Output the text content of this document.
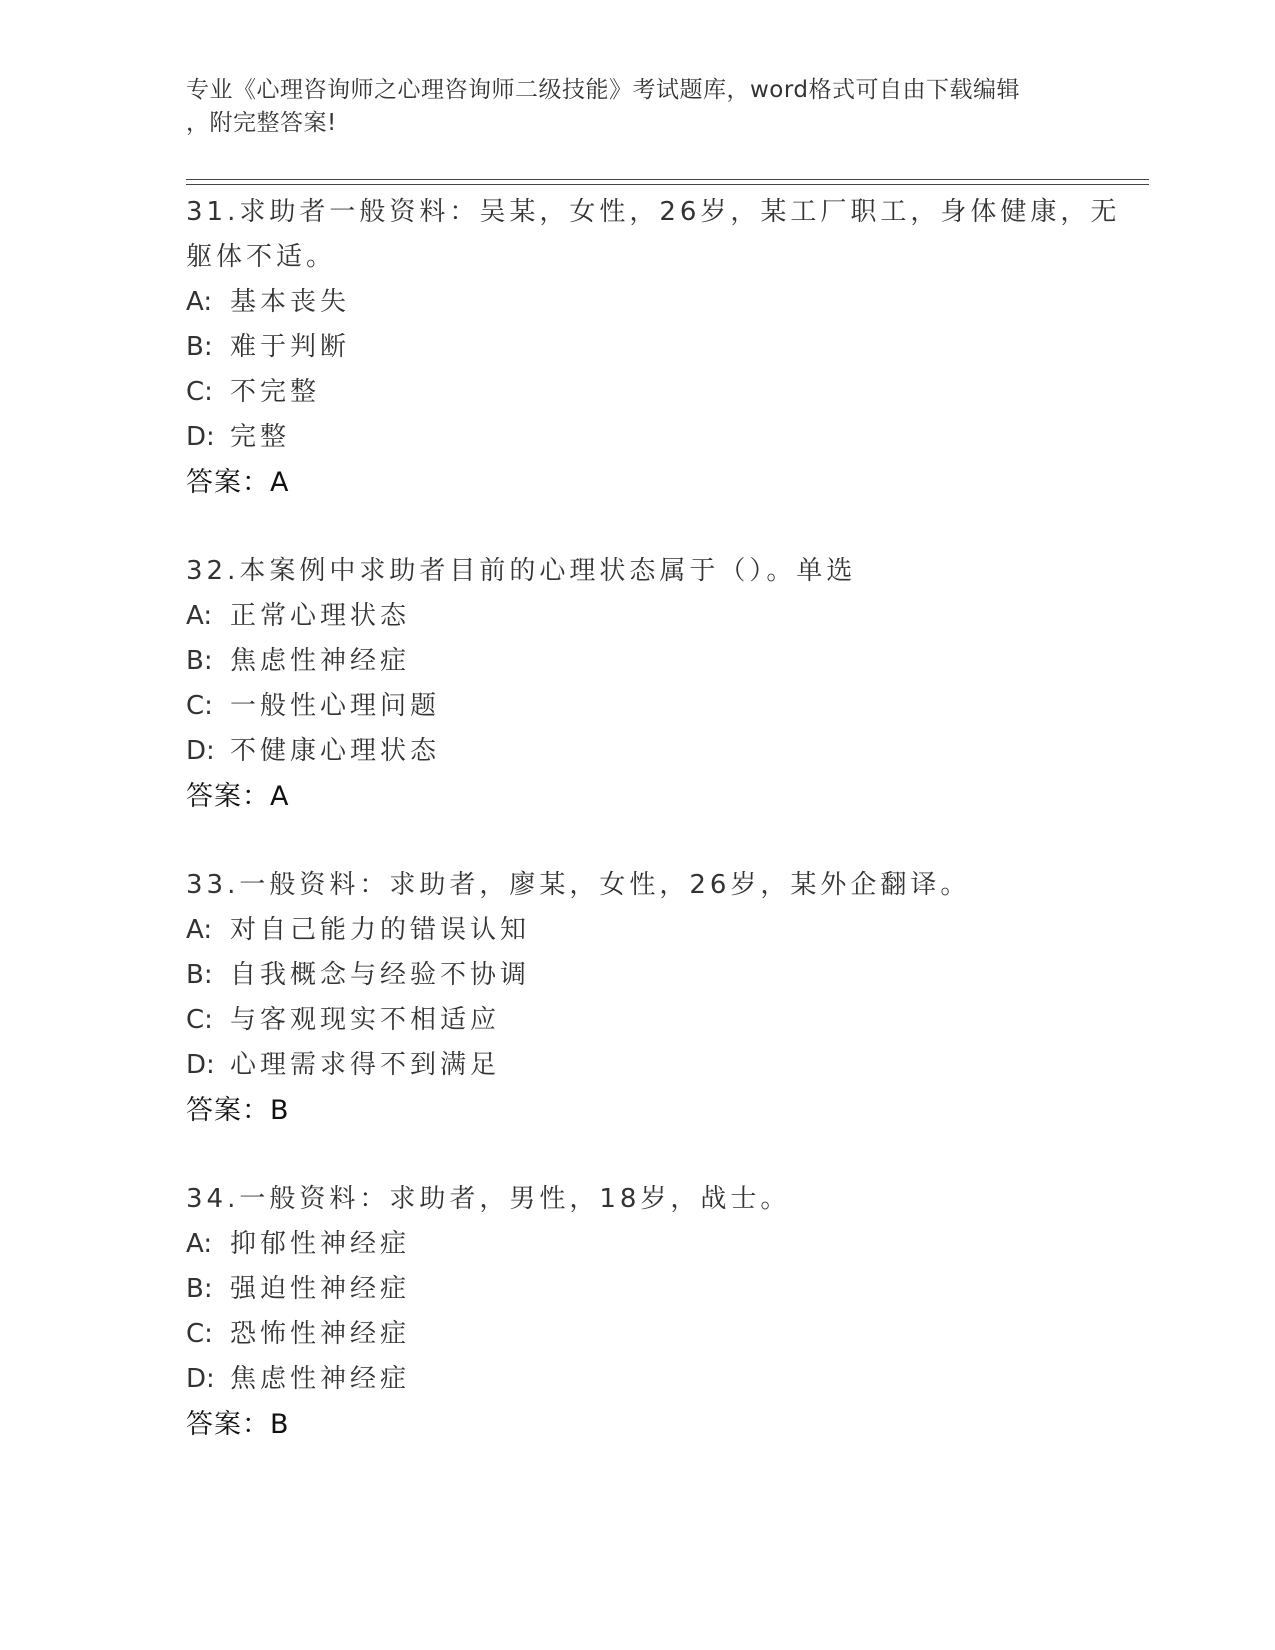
专业《心理咨询师之心理咨询师二级技能》考试题库，word格式可自由下载编辑
，附完整答案!
31.求助者一般资料：吴某，女性，26岁，某工厂职工，身体健康，无
躯体不适。
A: 基本丧失
B: 难于判断
C: 不完整
D: 完整
答案：A
32.本案例中求助者目前的心理状态属于（）。单选
A: 正常心理状态
B: 焦虑性神经症
C: 一般性心理问题
D: 不健康心理状态
答案：A
33.一般资料：求助者，廖某，女性，26岁，某外企翻译。
A: 对自己能力的错误认知
B: 自我概念与经验不协调
C: 与客观现实不相适应
D: 心理需求得不到满足
答案：B
34.一般资料：求助者，男性，18岁，战士。
A: 抑郁性神经症
B: 强迫性神经症
C: 恐怖性神经症
D: 焦虑性神经症
答案：B
